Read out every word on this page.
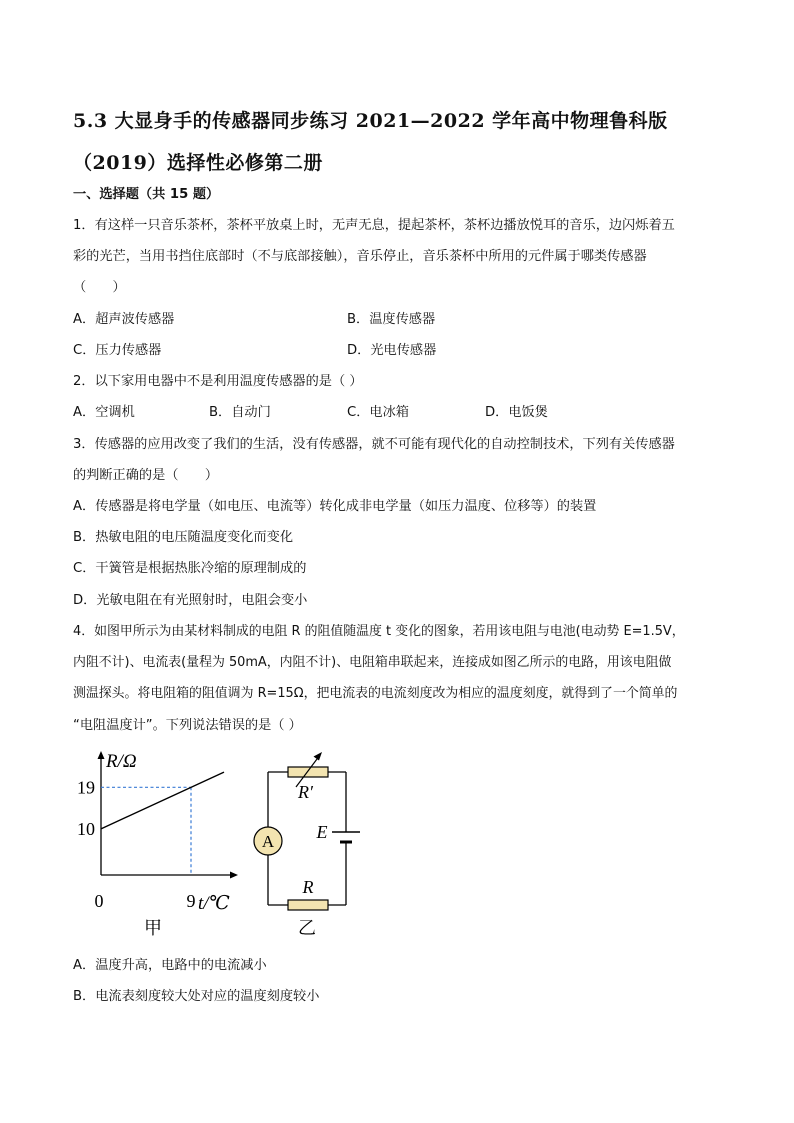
5.3 大显身手的传感器同步练习 2021—2022 学年高中物理鲁科版
（2019）选择性必修第二册
一、选择题（共 15 题）
1．有这样一只音乐茶杯，茶杯平放桌上时，无声无息，提起茶杯，茶杯边播放悦耳的音乐，边闪烁着五
彩的光芒，当用书挡住底部时（不与底部接触），音乐停止，音乐茶杯中所用的元件属于哪类传感器
（　　）
A．超声波传感器	B．温度传感器
C．压力传感器	D．光电传感器
2．以下家用电器中不是利用温度传感器的是（ ）
A．空调机	B．自动门	C．电冰箱	D．电饭煲
3．传感器的应用改变了我们的生活，没有传感器，就不可能有现代化的自动控制技术，下列有关传感器
的判断正确的是（　　）
A．传感器是将电学量（如电压、电流等）转化成非电学量（如压力温度、位移等）的装置
B．热敏电阻的电压随温度变化而变化
C．干簧管是根据热胀冷缩的原理制成的
D．光敏电阻在有光照射时，电阻会变小
4．如图甲所示为由某材料制成的电阻 R 的阻值随温度 t 变化的图象，若用该电阻与电池(电动势 E=1.5V，
内阻不计)、电流表(量程为 50mA，内阻不计)、电阻箱串联起来，连接成如图乙所示的电路，用该电阻做
测温探头。将电阻箱的阻值调为 R=15Ω，把电流表的电流刻度改为相应的温度刻度，就得到了一个简单的
“电阻温度计”。下列说法错误的是（ ）
R/Ω
19
10
0	9 t/℃
甲
R′
A E
R
乙
A．温度升高，电路中的电流减小
B．电流表刻度较大处对应的温度刻度较小
